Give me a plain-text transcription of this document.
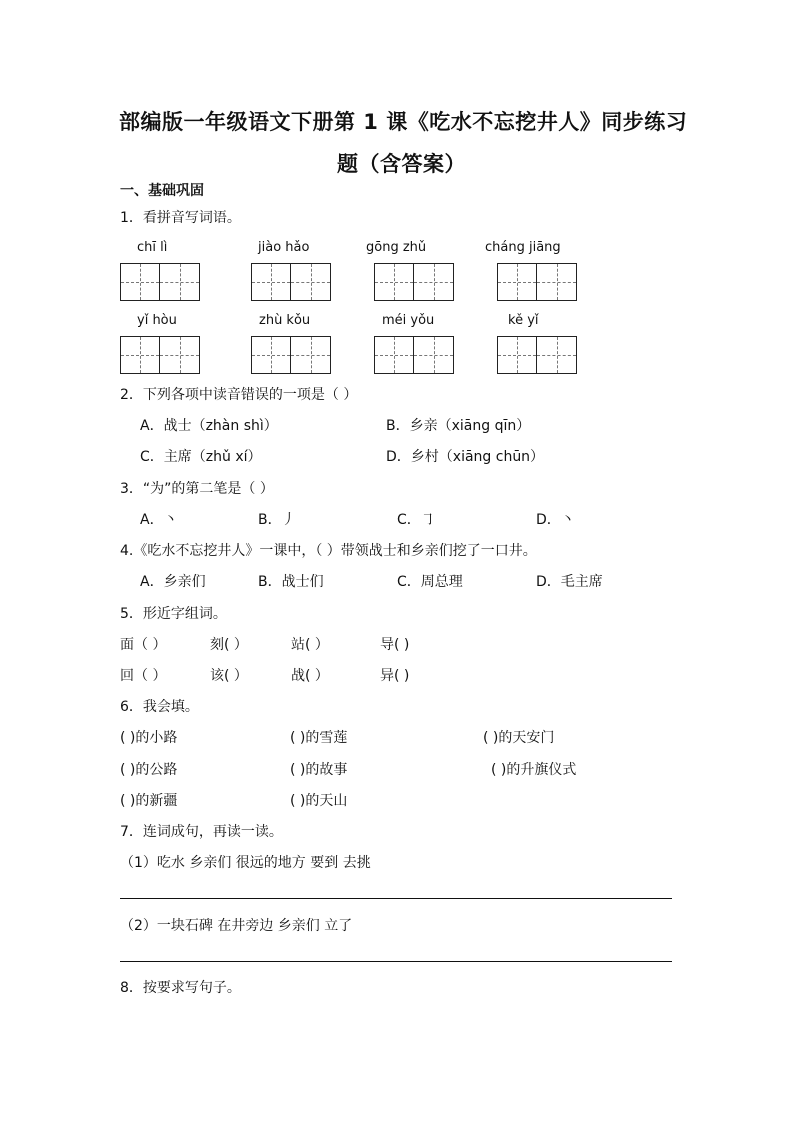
部编版一年级语文下册第 1 课《吃水不忘挖井人》同步练习
题（含答案）
一、基础巩固
1．看拼音写词语。
chī lì	jiào hǎo	gōng zhǔ	cháng jiāng
yǐ hòu	zhù kǒu	méi yǒu	kě yǐ
2．下列各项中读音错误的一项是（ ）
A．战士（zhàn shì）	B．乡亲（xiāng qīn）
C．主席（zhǔ xí）	D．乡村（xiāng chūn）
3．“为”的第二笔是（ ）
A．丶	B．丿	C．㇆	D．丶
4.《吃水不忘挖井人》一课中，（ ）带领战士和乡亲们挖了一口井。
A．乡亲们	B．战士们	C．周总理	D．毛主席
5．形近字组词。
面（ ）	刻( ）	站( ）	导( )
回（ ）	该( ）	战( ）	异( )
6．我会填。
( )的小路	( )的雪莲	( )的天安门
( )的公路	( )的故事	( )的升旗仪式
( )的新疆	( )的天山
7．连词成句，再读一读。
（1）吃水 乡亲们 很远的地方 要到 去挑
（2）一块石碑 在井旁边 乡亲们 立了
8．按要求写句子。
